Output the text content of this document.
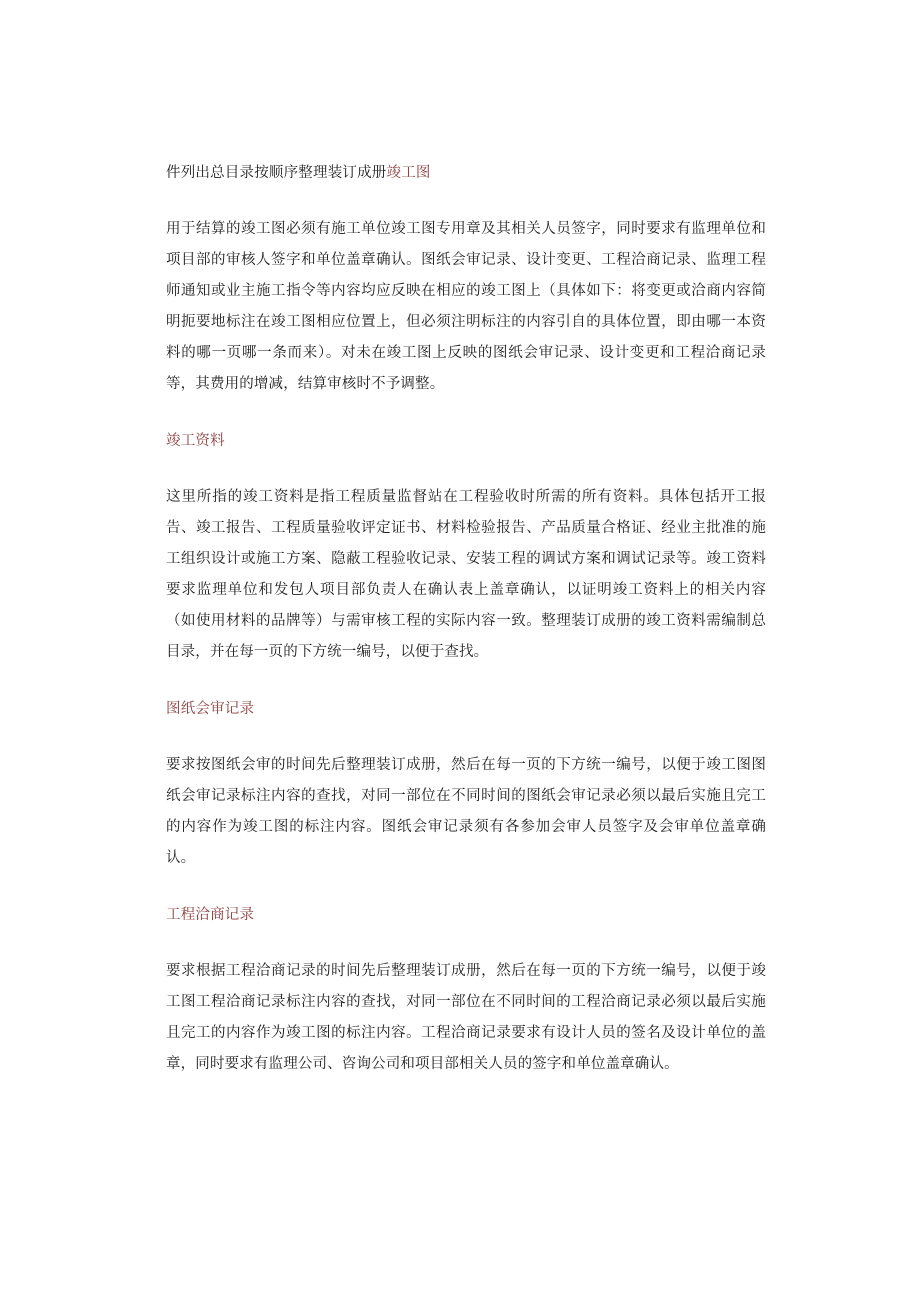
件列出总目录按顺序整理装订成册竣工图

用于结算的竣工图必须有施工单位竣工图专用章及其相关人员签字，同时要求有监理单位和项目部的审核人签字和单位盖章确认。图纸会审记录、设计变更、工程洽商记录、监理工程师通知或业主施工指令等内容均应反映在相应的竣工图上（具体如下：将变更或洽商内容简明扼要地标注在竣工图相应位置上，但必须注明标注的内容引自的具体位置，即由哪一本资料的哪一页哪一条而来）。对未在竣工图上反映的图纸会审记录、设计变更和工程洽商记录等，其费用的增减，结算审核时不予调整。

竣工资料

这里所指的竣工资料是指工程质量监督站在工程验收时所需的所有资料。具体包括开工报告、竣工报告、工程质量验收评定证书、材料检验报告、产品质量合格证、经业主批准的施工组织设计或施工方案、隐蔽工程验收记录、安装工程的调试方案和调试记录等。竣工资料要求监理单位和发包人项目部负责人在确认表上盖章确认，以证明竣工资料上的相关内容（如使用材料的品牌等）与需审核工程的实际内容一致。整理装订成册的竣工资料需编制总目录，并在每一页的下方统一编号，以便于查找。

图纸会审记录

要求按图纸会审的时间先后整理装订成册，然后在每一页的下方统一编号，以便于竣工图图纸会审记录标注内容的查找，对同一部位在不同时间的图纸会审记录必须以最后实施且完工的内容作为竣工图的标注内容。图纸会审记录须有各参加会审人员签字及会审单位盖章确认。

工程洽商记录

要求根据工程洽商记录的时间先后整理装订成册，然后在每一页的下方统一编号，以便于竣工图工程洽商记录标注内容的查找，对同一部位在不同时间的工程洽商记录必须以最后实施且完工的内容作为竣工图的标注内容。工程洽商记录要求有设计人员的签名及设计单位的盖章，同时要求有监理公司、咨询公司和项目部相关人员的签字和单位盖章确认。
